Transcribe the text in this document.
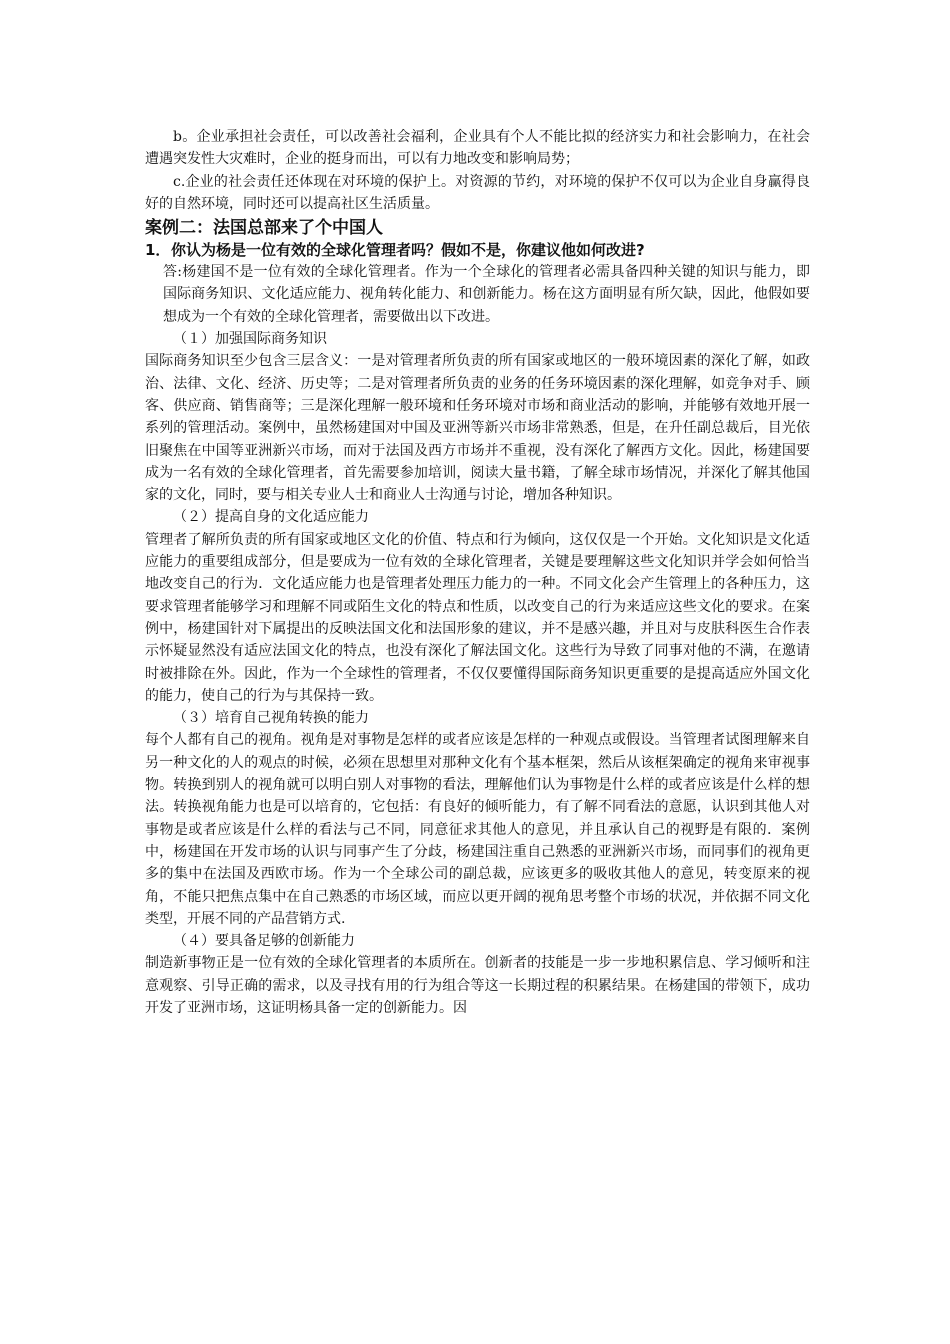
b。企业承担社会责任，可以改善社会福利，企业具有个人不能比拟的经济实力和社会影响力，在社会遭遇突发性大灾难时，企业的挺身而出，可以有力地改变和影响局势；

c.企业的社会责任还体现在对环境的保护上。对资源的节约，对环境的保护不仅可以为企业自身赢得良好的自然环境，同时还可以提高社区生活质量。

案例二：法国总部来了个中国人
1．你认为杨是一位有效的全球化管理者吗？假如不是，你建议他如何改进?

答:杨建国不是一位有效的全球化管理者。作为一个全球化的管理者必需具备四种关键的知识与能力，即国际商务知识、文化适应能力、视角转化能力、和创新能力。杨在这方面明显有所欠缺，因此，他假如要想成为一个有效的全球化管理者，需要做出以下改进。

（１）加强国际商务知识

国际商务知识至少包含三层含义：一是对管理者所负责的所有国家或地区的一般环境因素的深化了解，如政治、法律、文化、经济、历史等；二是对管理者所负责的业务的任务环境因素的深化理解，如竞争对手、顾客、供应商、销售商等；三是深化理解一般环境和任务环境对市场和商业活动的影响，并能够有效地开展一系列的管理活动。案例中，虽然杨建国对中国及亚洲等新兴市场非常熟悉，但是，在升任副总裁后，目光依旧聚焦在中国等亚洲新兴市场，而对于法国及西方市场并不重视，没有深化了解西方文化。因此，杨建国要成为一名有效的全球化管理者，首先需要参加培训，阅读大量书籍，了解全球市场情况，并深化了解其他国家的文化，同时，要与相关专业人士和商业人士沟通与讨论，增加各种知识。

（２）提高自身的文化适应能力

管理者了解所负责的所有国家或地区文化的价值、特点和行为倾向，这仅仅是一个开始。文化知识是文化适应能力的重要组成部分，但是要成为一位有效的全球化管理者，关键是要理解这些文化知识并学会如何恰当地改变自己的行为．文化适应能力也是管理者处理压力能力的一种。不同文化会产生管理上的各种压力，这要求管理者能够学习和理解不同或陌生文化的特点和性质，以改变自己的行为来适应这些文化的要求。在案例中，杨建国针对下属提出的反映法国文化和法国形象的建议，并不是感兴趣，并且对与皮肤科医生合作表示怀疑显然没有适应法国文化的特点，也没有深化了解法国文化。这些行为导致了同事对他的不满，在邀请时被排除在外。因此，作为一个全球性的管理者，不仅仅要懂得国际商务知识更重要的是提高适应外国文化的能力，使自己的行为与其保持一致。

（３）培育自己视角转换的能力

每个人都有自己的视角。视角是对事物是怎样的或者应该是怎样的一种观点或假设。当管理者试图理解来自另一种文化的人的观点的时候，必须在思想里对那种文化有个基本框架，然后从该框架确定的视角来审视事物。转换到别人的视角就可以明白别人对事物的看法，理解他们认为事物是什么样的或者应该是什么样的想法。转换视角能力也是可以培育的，它包括：有良好的倾听能力，有了解不同看法的意愿，认识到其他人对事物是或者应该是什么样的看法与己不同，同意征求其他人的意见，并且承认自己的视野是有限的．案例中，杨建国在开发市场的认识与同事产生了分歧，杨建国注重自己熟悉的亚洲新兴市场，而同事们的视角更多的集中在法国及西欧市场。作为一个全球公司的副总裁，应该更多的吸收其他人的意见，转变原来的视角，不能只把焦点集中在自己熟悉的市场区域，而应以更开阔的视角思考整个市场的状况，并依据不同文化类型，开展不同的产品营销方式.

（４）要具备足够的创新能力

制造新事物正是一位有效的全球化管理者的本质所在。创新者的技能是一步一步地积累信息、学习倾听和注意观察、引导正确的需求，以及寻找有用的行为组合等这一长期过程的积累结果。在杨建国的带领下，成功开发了亚洲市场，这证明杨具备一定的创新能力。因
